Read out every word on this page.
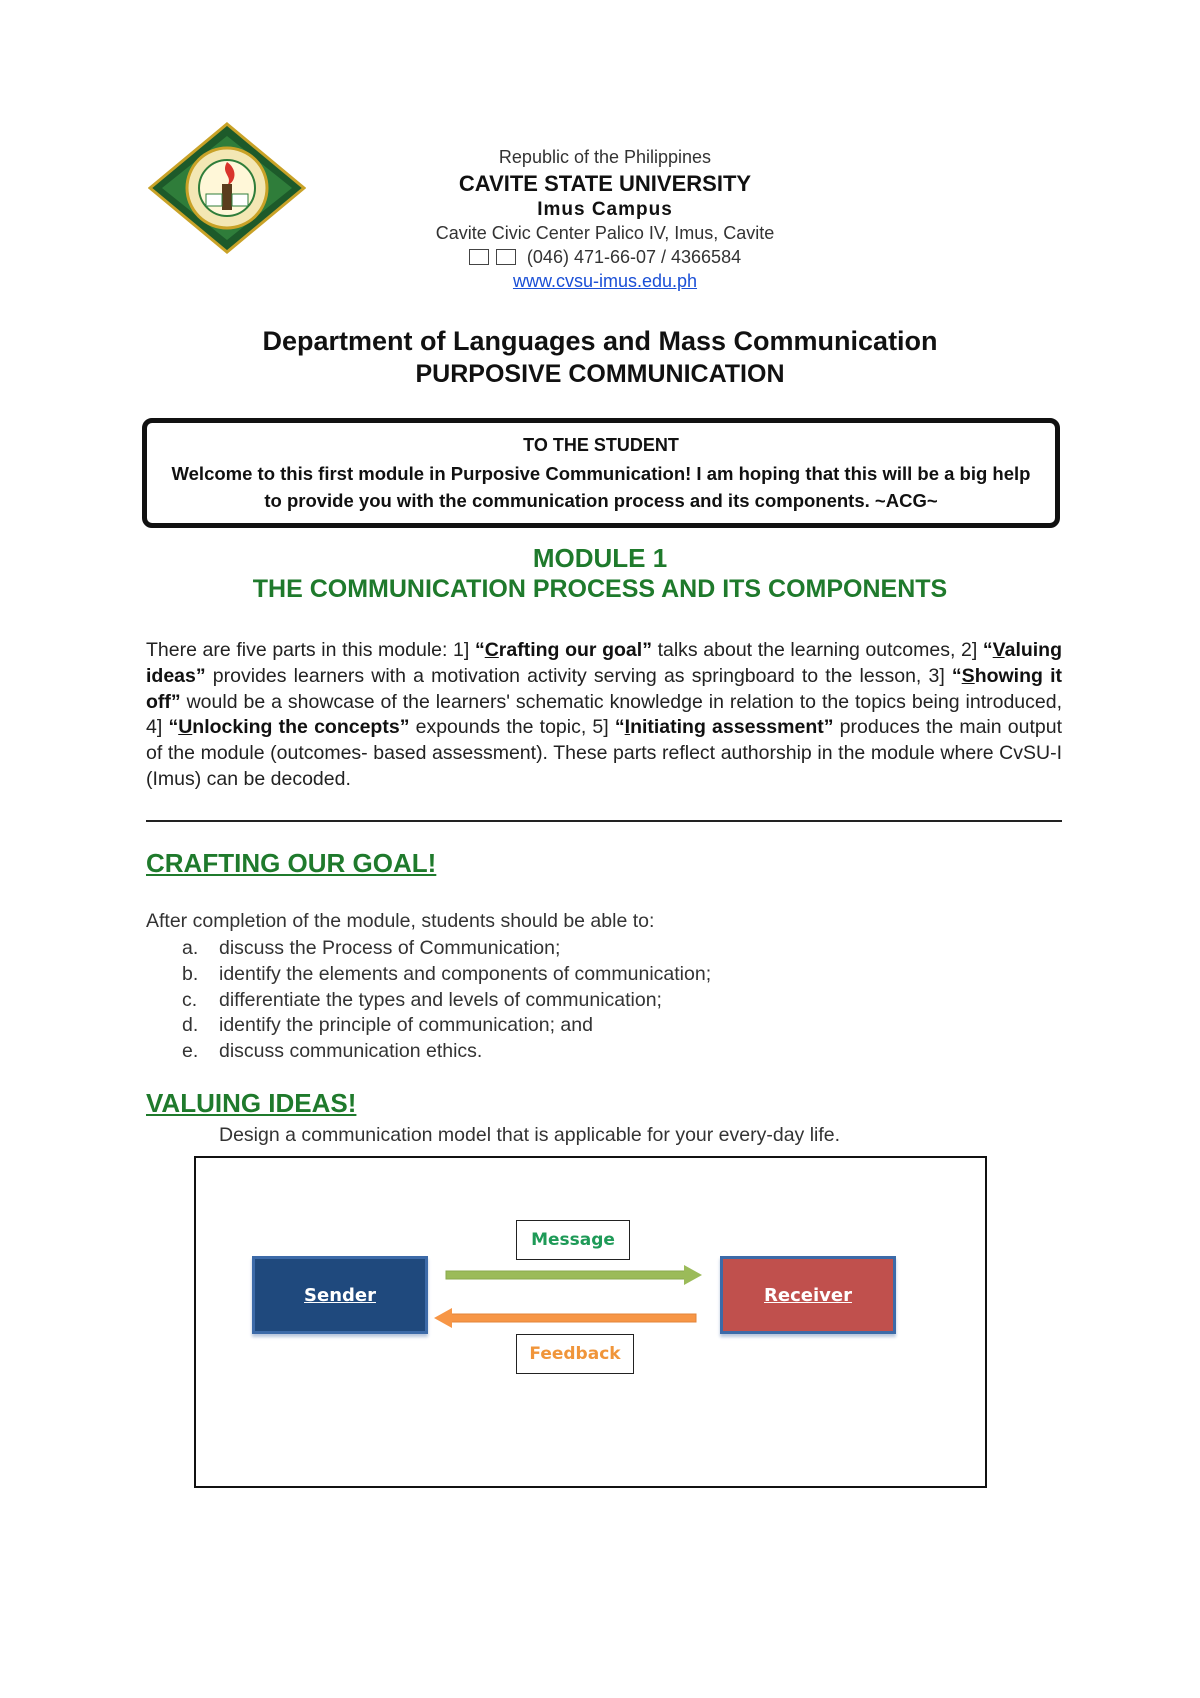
Republic of the Philippines
CAVITE STATE UNIVERSITY
Imus Campus
Cavite Civic Center Palico IV, Imus, Cavite
(046) 471-66-07 / 4366584
www.cvsu-imus.edu.ph
Department of Languages and Mass Communication
PURPOSIVE COMMUNICATION
TO THE STUDENT
Welcome to this first module in Purposive Communication! I am hoping that this will be a big help to provide you with the communication process and its components. ~ACG~
MODULE 1
THE COMMUNICATION PROCESS AND ITS COMPONENTS
There are five parts in this module: 1] “Crafting our goal” talks about the learning outcomes, 2] “Valuing ideas” provides learners with a motivation activity serving as springboard to the lesson, 3] “Showing it off” would be a showcase of the learners' schematic knowledge in relation to the topics being introduced, 4] “Unlocking the concepts” expounds the topic, 5] “Initiating assessment” produces the main output of the module (outcomes- based assessment). These parts reflect authorship in the module where CvSU-I (Imus) can be decoded.
CRAFTING OUR GOAL!
After completion of the module, students should be able to:
a. discuss the Process of Communication;
b. identify the elements and components of communication;
c. differentiate the types and levels of communication;
d. identify the principle of communication; and
e. discuss communication ethics.
VALUING IDEAS!
Design a communication model that is applicable for your every-day life.
Sender	Receiver
Message
Feedback
